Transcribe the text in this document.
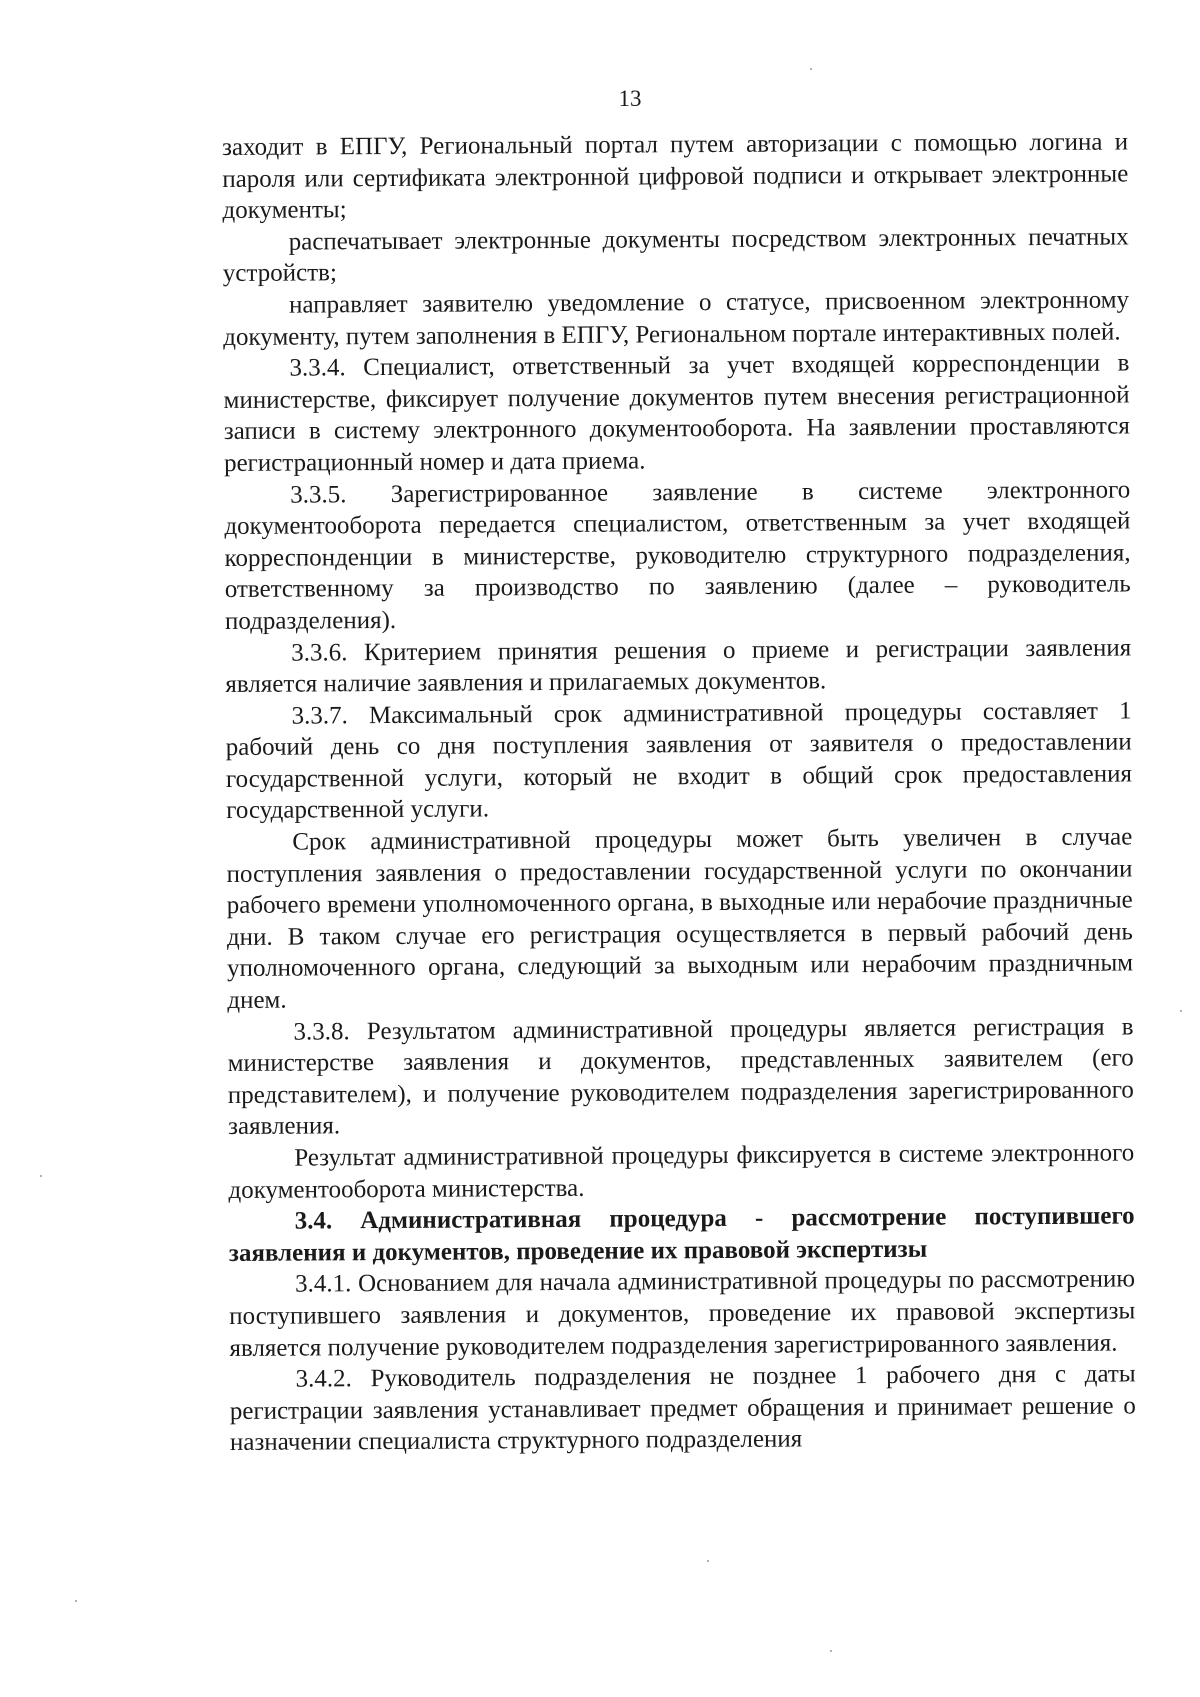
13

заходит в ЕПГУ, Региональный портал путем авторизации с помощью логина и пароля или сертификата электронной цифровой подписи и открывает электронные документы;

распечатывает электронные документы посредством электронных печатных устройств;

направляет заявителю уведомление о статусе, присвоенном электронному документу, путем заполнения в ЕПГУ, Региональном портале интерактивных полей.

3.3.4. Специалист, ответственный за учет входящей корреспонденции в министерстве, фиксирует получение документов путем внесения регистрационной записи в систему электронного документооборота. На заявлении проставляются регистрационный номер и дата приема.

3.3.5. Зарегистрированное заявление в системе электронного документооборота передается специалистом, ответственным за учет входящей корреспонденции в министерстве, руководителю структурного подразделения, ответственному за производство по заявлению (далее – руководитель подразделения).

3.3.6. Критерием принятия решения о приеме и регистрации заявления является наличие заявления и прилагаемых документов.

3.3.7. Максимальный срок административной процедуры составляет 1 рабочий день со дня поступления заявления от заявителя о предоставлении государственной услуги, который не входит в общий срок предоставления государственной услуги.

Срок административной процедуры может быть увеличен в случае поступления заявления о предоставлении государственной услуги по окончании рабочего времени уполномоченного органа, в выходные или нерабочие праздничные дни. В таком случае его регистрация осуществляется в первый рабочий день уполномоченного органа, следующий за выходным или нерабочим праздничным днем.

3.3.8. Результатом административной процедуры является регистрация в министерстве заявления и документов, представленных заявителем (его представителем), и получение руководителем подразделения зарегистрированного заявления.

Результат административной процедуры фиксируется в системе электронного документооборота министерства.

3.4. Административная процедура - рассмотрение поступившего заявления и документов, проведение их правовой экспертизы

3.4.1. Основанием для начала административной процедуры по рассмотрению поступившего заявления и документов, проведение их правовой экспертизы является получение руководителем подразделения зарегистрированного заявления.

3.4.2. Руководитель подразделения не позднее 1 рабочего дня с даты регистрации заявления устанавливает предмет обращения и принимает решение о назначении специалиста структурного подразделения
